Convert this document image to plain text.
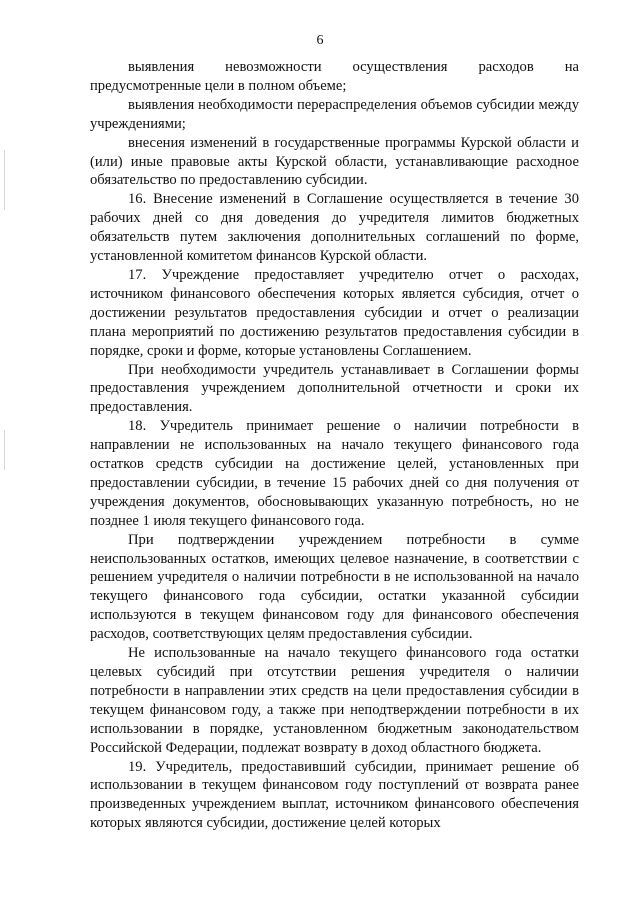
6

выявления невозможности осуществления расходов на предусмотренные цели в полном объеме;

выявления необходимости перераспределения объемов субсидии между учреждениями;

внесения изменений в государственные программы Курской области и (или) иные правовые акты Курской области, устанавливающие расходное обязательство по предоставлению субсидии.

16. Внесение изменений в Соглашение осуществляется в течение 30 рабочих дней со дня доведения до учредителя лимитов бюджетных обязательств путем заключения дополнительных соглашений по форме, установленной комитетом финансов Курской области.

17. Учреждение предоставляет учредителю отчет о расходах, источником финансового обеспечения которых является субсидия, отчет о достижении результатов предоставления субсидии и отчет о реализации плана мероприятий по достижению результатов предоставления субсидии в порядке, сроки и форме, которые установлены Соглашением.

При необходимости учредитель устанавливает в Соглашении формы предоставления учреждением дополнительной отчетности и сроки их предоставления.

18. Учредитель принимает решение о наличии потребности в направлении не использованных на начало текущего финансового года остатков средств субсидии на достижение целей, установленных при предоставлении субсидии, в течение 15 рабочих дней со дня получения от учреждения документов, обосновывающих указанную потребность, но не позднее 1 июля текущего финансового года.

При подтверждении учреждением потребности в сумме неиспользованных остатков, имеющих целевое назначение, в соответствии с решением учредителя о наличии потребности в не использованной на начало текущего финансового года субсидии, остатки указанной субсидии используются в текущем финансовом году для финансового обеспечения расходов, соответствующих целям предоставления субсидии.

Не использованные на начало текущего финансового года остатки целевых субсидий при отсутствии решения учредителя о наличии потребности в направлении этих средств на цели предоставления субсидии в текущем финансовом году, а также при неподтверждении потребности в их использовании в порядке, установленном бюджетным законодательством Российской Федерации, подлежат возврату в доход областного бюджета.

19. Учредитель, предоставивший субсидии, принимает решение об использовании в текущем финансовом году поступлений от возврата ранее произведенных учреждением выплат, источником финансового обеспечения которых являются субсидии, достижение целей которых
